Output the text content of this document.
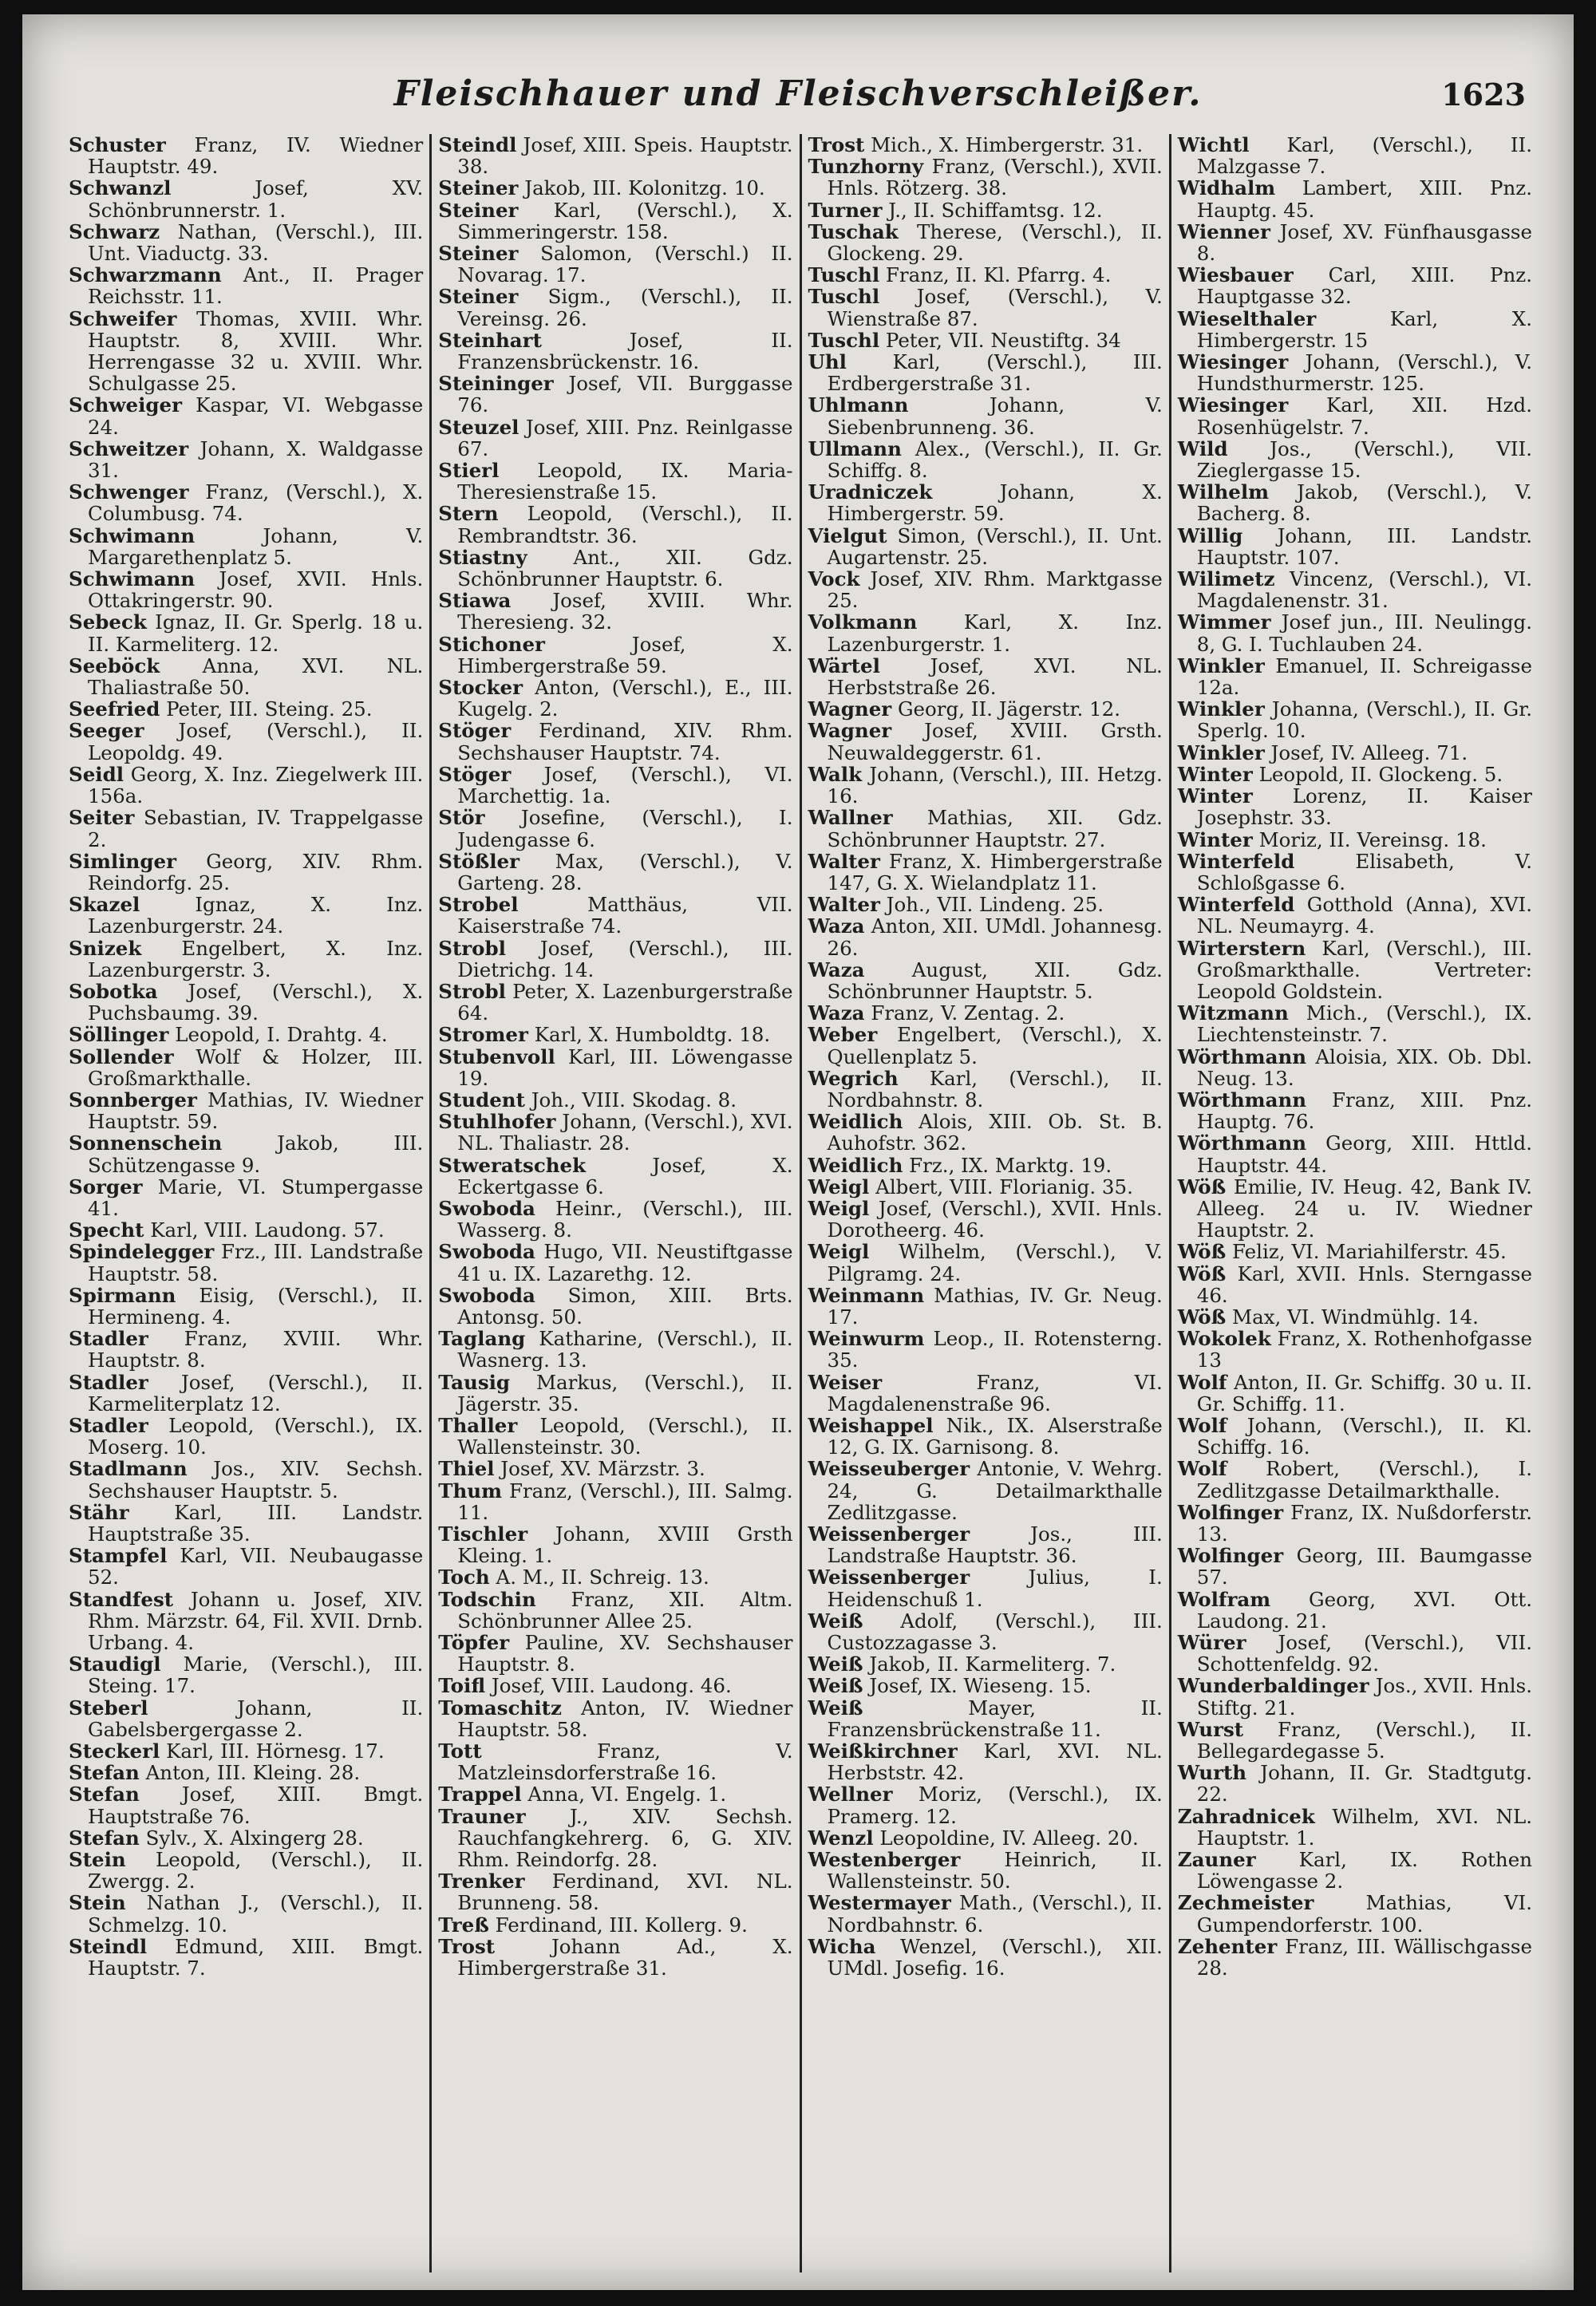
Fleischhauer und Fleischverschleißer.	1623

Schuster Franz, IV. Wiedner Hauptstr. 49.

Schwanzl Josef, XV. Schönbrunnerstr. 1.

Schwarz Nathan, (Verschl.), III. Unt. Viaductg. 33.

Schwarzmann Ant., II. Prager Reichsstr. 11.

Schweifer Thomas, XVIII. Whr. Hauptstr. 8, XVIII. Whr. Herrengasse 32 u. XVIII. Whr. Schulgasse 25.

Schweiger Kaspar, VI. Webgasse 24.

Schweitzer Johann, X. Waldgasse 31.

Schwenger Franz, (Verschl.), X. Columbusg. 74.

Schwimann Johann, V. Margarethenplatz 5.

Schwimann Josef, XVII. Hnls. Ottakringerstr. 90.

Sebeck Ignaz, II. Gr. Sperlg. 18 u. II. Karmeliterg. 12.

Seeböck Anna, XVI. NL. Thaliastraße 50.

Seefried Peter, III. Steing. 25.

Seeger Josef, (Verschl.), II. Leopoldg. 49.

Seidl Georg, X. Inz. Ziegelwerk III. 156a.

Seiter Sebastian, IV. Trappelgasse 2.

Simlinger Georg, XIV. Rhm. Reindorfg. 25.

Skazel Ignaz, X. Inz. Lazenburgerstr. 24.

Snizek Engelbert, X. Inz. Lazenburgerstr. 3.

Sobotka Josef, (Verschl.), X. Puchsbaumg. 39.

Söllinger Leopold, I. Drahtg. 4.

Sollender Wolf & Holzer, III. Großmarkthalle.

Sonnberger Mathias, IV. Wiedner Hauptstr. 59.

Sonnenschein Jakob, III. Schützengasse 9.

Sorger Marie, VI. Stumpergasse 41.

Specht Karl, VIII. Laudong. 57.

Spindelegger Frz., III. Landstraße Hauptstr. 58.

Spirmann Eisig, (Verschl.), II. Hermineng. 4.

Stadler Franz, XVIII. Whr. Hauptstr. 8.

Stadler Josef, (Verschl.), II. Karmeliterplatz 12.

Stadler Leopold, (Verschl.), IX. Moserg. 10.

Stadlmann Jos., XIV. Sechsh. Sechshauser Hauptstr. 5.

Stähr Karl, III. Landstr. Hauptstraße 35.

Stampfel Karl, VII. Neubaugasse 52.

Standfest Johann u. Josef, XIV. Rhm. Märzstr. 64, Fil. XVII. Drnb. Urbang. 4.

Staudigl Marie, (Verschl.), III. Steing. 17.

Steberl Johann, II. Gabelsbergergasse 2.

Steckerl Karl, III. Hörnesg. 17.

Stefan Anton, III. Kleing. 28.

Stefan Josef, XIII. Bmgt. Hauptstraße 76.

Stefan Sylv., X. Alxingerg 28.

Stein Leopold, (Verschl.), II. Zwergg. 2.

Stein Nathan J., (Verschl.), II. Schmelzg. 10.

Steindl Edmund, XIII. Bmgt. Hauptstr. 7.

Steindl Josef, XIII. Speis. Hauptstr. 38.

Steiner Jakob, III. Kolonitzg. 10.

Steiner Karl, (Verschl.), X. Simmeringerstr. 158.

Steiner Salomon, (Verschl.) II. Novarag. 17.

Steiner Sigm., (Verschl.), II. Vereinsg. 26.

Steinhart Josef, II. Franzensbrückenstr. 16.

Steininger Josef, VII. Burggasse 76.

Steuzel Josef, XIII. Pnz. Reinlgasse 67.

Stierl Leopold, IX. Maria-Theresienstraße 15.

Stern Leopold, (Verschl.), II. Rembrandtstr. 36.

Stiastny Ant., XII. Gdz. Schönbrunner Hauptstr. 6.

Stiawa Josef, XVIII. Whr. Theresieng. 32.

Stichoner Josef, X. Himbergerstraße 59.

Stocker Anton, (Verschl.), E., III. Kugelg. 2.

Stöger Ferdinand, XIV. Rhm. Sechshauser Hauptstr. 74.

Stöger Josef, (Verschl.), VI. Marchettig. 1a.

Stör Josefine, (Verschl.), I. Judengasse 6.

Stößler Max, (Verschl.), V. Garteng. 28.

Strobel Matthäus, VII. Kaiserstraße 74.

Strobl Josef, (Verschl.), III. Dietrichg. 14.

Strobl Peter, X. Lazenburgerstraße 64.

Stromer Karl, X. Humboldtg. 18.

Stubenvoll Karl, III. Löwengasse 19.

Student Joh., VIII. Skodag. 8.

Stuhlhofer Johann, (Verschl.), XVI. NL. Thaliastr. 28.

Stweratschek Josef, X. Eckertgasse 6.

Swoboda Heinr., (Verschl.), III. Wasserg. 8.

Swoboda Hugo, VII. Neustiftgasse 41 u. IX. Lazarethg. 12.

Swoboda Simon, XIII. Brts. Antonsg. 50.

Taglang Katharine, (Verschl.), II. Wasnerg. 13.

Tausig Markus, (Verschl.), II. Jägerstr. 35.

Thaller Leopold, (Verschl.), II. Wallensteinstr. 30.

Thiel Josef, XV. Märzstr. 3.

Thum Franz, (Verschl.), III. Salmg. 11.

Tischler Johann, XVIII Grsth Kleing. 1.

Toch A. M., II. Schreig. 13.

Todschin Franz, XII. Altm. Schönbrunner Allee 25.

Töpfer Pauline, XV. Sechshauser Hauptstr. 8.

Toifl Josef, VIII. Laudong. 46.

Tomaschitz Anton, IV. Wiedner Hauptstr. 58.

Tott Franz, V. Matzleinsdorferstraße 16.

Trappel Anna, VI. Engelg. 1.

Trauner J., XIV. Sechsh. Rauchfangkehrerg. 6, G. XIV. Rhm. Reindorfg. 28.

Trenker Ferdinand, XVI. NL. Brunneng. 58.

Treß Ferdinand, III. Kollerg. 9.

Trost Johann Ad., X. Himbergerstraße 31.

Trost Mich., X. Himbergerstr. 31.

Tunzhorny Franz, (Verschl.), XVII. Hnls. Rötzerg. 38.

Turner J., II. Schiffamtsg. 12.

Tuschak Therese, (Verschl.), II. Glockeng. 29.

Tuschl Franz, II. Kl. Pfarrg. 4.

Tuschl Josef, (Verschl.), V. Wienstraße 87.

Tuschl Peter, VII. Neustiftg. 34

Uhl Karl, (Verschl.), III. Erdbergerstraße 31.

Uhlmann Johann, V. Siebenbrunneng. 36.

Ullmann Alex., (Verschl.), II. Gr. Schiffg. 8.

Uradniczek Johann, X. Himbergerstr. 59.

Vielgut Simon, (Verschl.), II. Unt. Augartenstr. 25.

Vock Josef, XIV. Rhm. Marktgasse 25.

Volkmann Karl, X. Inz. Lazenburgerstr. 1.

Wärtel Josef, XVI. NL. Herbststraße 26.

Wagner Georg, II. Jägerstr. 12.

Wagner Josef, XVIII. Grsth. Neuwaldeggerstr. 61.

Walk Johann, (Verschl.), III. Hetzg. 16.

Wallner Mathias, XII. Gdz. Schönbrunner Hauptstr. 27.

Walter Franz, X. Himbergerstraße 147, G. X. Wielandplatz 11.

Walter Joh., VII. Lindeng. 25.

Waza Anton, XII. UMdl. Johannesg. 26.

Waza August, XII. Gdz. Schönbrunner Hauptstr. 5.

Waza Franz, V. Zentag. 2.

Weber Engelbert, (Verschl.), X. Quellenplatz 5.

Wegrich Karl, (Verschl.), II. Nordbahnstr. 8.

Weidlich Alois, XIII. Ob. St. B. Auhofstr. 362.

Weidlich Frz., IX. Marktg. 19.

Weigl Albert, VIII. Florianig. 35.

Weigl Josef, (Verschl.), XVII. Hnls. Dorotheerg. 46.

Weigl Wilhelm, (Verschl.), V. Pilgramg. 24.

Weinmann Mathias, IV. Gr. Neug. 17.

Weinwurm Leop., II. Rotensterng. 35.

Weiser Franz, VI. Magdalenenstraße 96.

Weishappel Nik., IX. Alserstraße 12, G. IX. Garnisong. 8.

Weisseuberger Antonie, V. Wehrg. 24, G. Detailmarkthalle Zedlitzgasse.

Weissenberger Jos., III. Landstraße Hauptstr. 36.

Weissenberger Julius, I. Heidenschuß 1.

Weiß Adolf, (Verschl.), III. Custozzagasse 3.

Weiß Jakob, II. Karmeliterg. 7.

Weiß Josef, IX. Wieseng. 15.

Weiß Mayer, II. Franzensbrückenstraße 11.

Weißkirchner Karl, XVI. NL. Herbststr. 42.

Wellner Moriz, (Verschl.), IX. Pramerg. 12.

Wenzl Leopoldine, IV. Alleeg. 20.

Westenberger Heinrich, II. Wallensteinstr. 50.

Westermayer Math., (Verschl.), II. Nordbahnstr. 6.

Wicha Wenzel, (Verschl.), XII. UMdl. Josefig. 16.

Wichtl Karl, (Verschl.), II. Malzgasse 7.

Widhalm Lambert, XIII. Pnz. Hauptg. 45.

Wienner Josef, XV. Fünfhausgasse 8.

Wiesbauer Carl, XIII. Pnz. Hauptgasse 32.

Wieselthaler Karl, X. Himbergerstr. 15

Wiesinger Johann, (Verschl.), V. Hundsthurmerstr. 125.

Wiesinger Karl, XII. Hzd. Rosenhügelstr. 7.

Wild Jos., (Verschl.), VII. Zieglergasse 15.

Wilhelm Jakob, (Verschl.), V. Bacherg. 8.

Willig Johann, III. Landstr. Hauptstr. 107.

Wilimetz Vincenz, (Verschl.), VI. Magdalenenstr. 31.

Wimmer Josef jun., III. Neulingg. 8, G. I. Tuchlauben 24.

Winkler Emanuel, II. Schreigasse 12a.

Winkler Johanna, (Verschl.), II. Gr. Sperlg. 10.

Winkler Josef, IV. Alleeg. 71.

Winter Leopold, II. Glockeng. 5.

Winter Lorenz, II. Kaiser Josephstr. 33.

Winter Moriz, II. Vereinsg. 18.

Winterfeld Elisabeth, V. Schloßgasse 6.

Winterfeld Gotthold (Anna), XVI. NL. Neumayrg. 4.

Wirterstern Karl, (Verschl.), III. Großmarkthalle. Vertreter: Leopold Goldstein.

Witzmann Mich., (Verschl.), IX. Liechtensteinstr. 7.

Wörthmann Aloisia, XIX. Ob. Dbl. Neug. 13.

Wörthmann Franz, XIII. Pnz. Hauptg. 76.

Wörthmann Georg, XIII. Httld. Hauptstr. 44.

Wöß Emilie, IV. Heug. 42, Bank IV. Alleeg. 24 u. IV. Wiedner Hauptstr. 2.

Wöß Feliz, VI. Mariahilferstr. 45.

Wöß Karl, XVII. Hnls. Sterngasse 46.

Wöß Max, VI. Windmühlg. 14.

Wokolek Franz, X. Rothenhofgasse 13

Wolf Anton, II. Gr. Schiffg. 30 u. II. Gr. Schiffg. 11.

Wolf Johann, (Verschl.), II. Kl. Schiffg. 16.

Wolf Robert, (Verschl.), I. Zedlitzgasse Detailmarkthalle.

Wolfinger Franz, IX. Nußdorferstr. 13.

Wolfinger Georg, III. Baumgasse 57.

Wolfram Georg, XVI. Ott. Laudong. 21.

Würer Josef, (Verschl.), VII. Schottenfeldg. 92.

Wunderbaldinger Jos., XVII. Hnls. Stiftg. 21.

Wurst Franz, (Verschl.), II. Bellegardegasse 5.

Wurth Johann, II. Gr. Stadtgutg. 22.

Zahradnicek Wilhelm, XVI. NL. Hauptstr. 1.

Zauner Karl, IX. Rothen Löwengasse 2.

Zechmeister Mathias, VI. Gumpendorferstr. 100.

Zehenter Franz, III. Wällischgasse 28.
